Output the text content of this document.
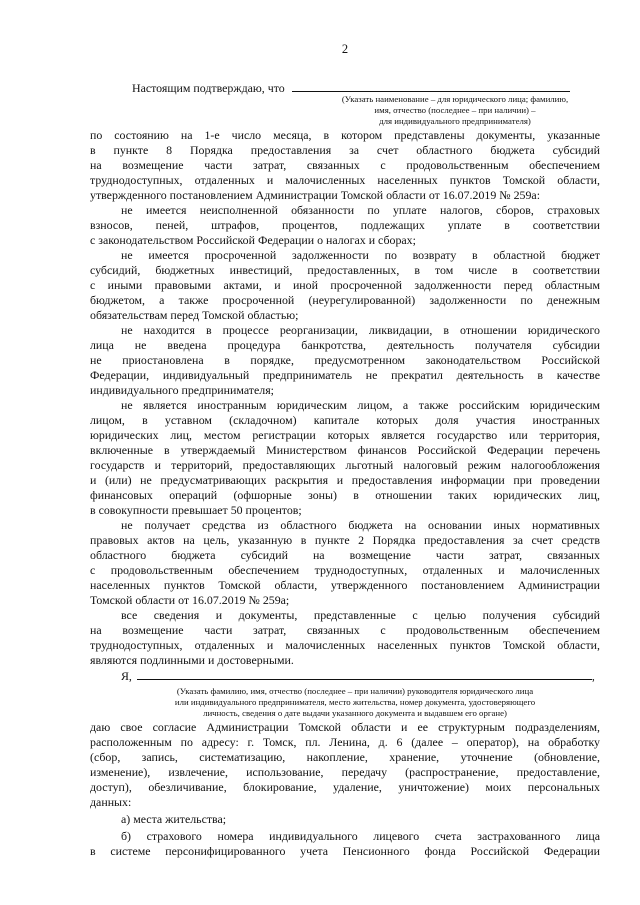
2
Настоящим подтверждаю, что
(Указать наименование – для юридического лица; фамилию,
имя, отчество (последнее – при наличии) –
для индивидуального предпринимателя)
по состоянию на 1-е число месяца, в котором представлены документы, указанные
в пункте 8 Порядка предоставления за счет областного бюджета субсидий
на возмещение части затрат, связанных с продовольственным обеспечением
труднодоступных, отдаленных и малочисленных населенных пунктов Томской области,
утвержденного постановлением Администрации Томской области от 16.07.2019 № 259а:
не имеется неисполненной обязанности по уплате налогов, сборов, страховых
взносов, пеней, штрафов, процентов, подлежащих уплате в соответствии
с законодательством Российской Федерации о налогах и сборах;
не имеется просроченной задолженности по возврату в областной бюджет
субсидий, бюджетных инвестиций, предоставленных, в том числе в соответствии
с иными правовыми актами, и иной просроченной задолженности перед областным
бюджетом, а также просроченной (неурегулированной) задолженности по денежным
обязательствам перед Томской областью;
не находится в процессе реорганизации, ликвидации, в отношении юридического
лица не введена процедура банкротства, деятельность получателя субсидии
не приостановлена в порядке, предусмотренном законодательством Российской
Федерации, индивидуальный предприниматель не прекратил деятельность в качестве
индивидуального предпринимателя;
не является иностранным юридическим лицом, а также российским юридическим
лицом, в уставном (складочном) капитале которых доля участия иностранных
юридических лиц, местом регистрации которых является государство или территория,
включенные в утверждаемый Министерством финансов Российской Федерации перечень
государств и территорий, предоставляющих льготный налоговый режим налогообложения
и (или) не предусматривающих раскрытия и предоставления информации при проведении
финансовых операций (офшорные зоны) в отношении таких юридических лиц,
в совокупности превышает 50 процентов;
не получает средства из областного бюджета на основании иных нормативных
правовых актов на цель, указанную в пункте 2 Порядка предоставления за счет средств
областного бюджета субсидий на возмещение части затрат, связанных
с продовольственным обеспечением труднодоступных, отдаленных и малочисленных
населенных пунктов Томской области, утвержденного постановлением Администрации
Томской области от 16.07.2019 № 259а;
все сведения и документы, представленные с целью получения субсидий
на возмещение части затрат, связанных с продовольственным обеспечением
труднодоступных, отдаленных и малочисленных населенных пунктов Томской области,
являются подлинными и достоверными.
Я,	,
(Указать фамилию, имя, отчество (последнее – при наличии) руководителя юридического лица
или индивидуального предпринимателя, место жительства, номер документа, удостоверяющего
личность, сведения о дате выдачи указанного документа и выдавшем его органе)
даю свое согласие Администрации Томской области и ее структурным подразделениям,
расположенным по адресу: г. Томск, пл. Ленина, д. 6 (далее – оператор), на обработку
(сбор, запись, систематизацию, накопление, хранение, уточнение (обновление,
изменение), извлечение, использование, передачу (распространение, предоставление,
доступ), обезличивание, блокирование, удаление, уничтожение) моих персональных
данных:
а) места жительства;
б) страхового номера индивидуального лицевого счета застрахованного лица
в системе персонифицированного учета Пенсионного фонда Российской Федерации
